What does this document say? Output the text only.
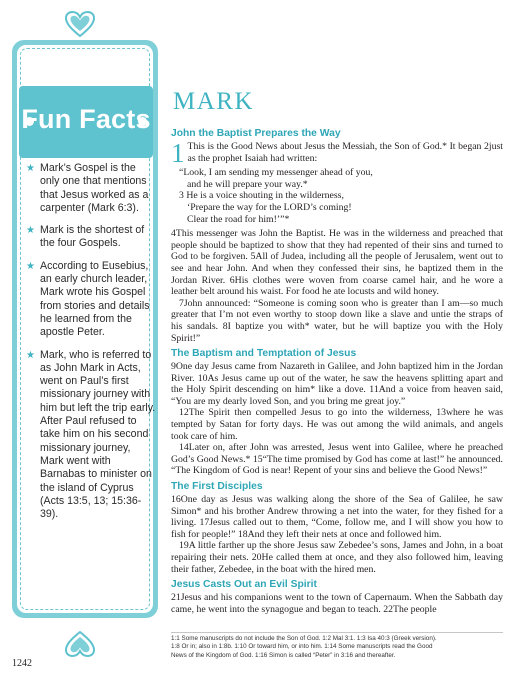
Fun Facts
★ Mark’s Gospel is the only one that mentions that Jesus worked as a carpenter (Mark 6:3).
★ Mark is the shortest of the four Gospels.
★ According to Eusebius, an early church leader, Mark wrote his Gospel from stories and details he learned from the apostle Peter.
★ Mark, who is referred to as John Mark in Acts, went on Paul’s first missionary journey with him but left the trip early. After Paul refused to take him on his second missionary journey, Mark went with Barnabas to minister on the island of Cyprus (Acts 13:5, 13; 15:36-39).
MARK
John the Baptist Prepares the Way

1 This is the Good News about Jesus the Messiah, the Son of God.* It began 2just as the prophet Isaiah had written:

“Look, I am sending my messenger ahead of you,
and he will prepare your way.*
3 He is a voice shouting in the wilderness,
‘Prepare the way for the LORD’s coming!
Clear the road for him!’”*

4This messenger was John the Baptist. He was in the wilderness and preached that people should be baptized to show that they had repented of their sins and turned to God to be forgiven. 5All of Judea, including all the people of Jerusalem, went out to see and hear John. And when they confessed their sins, he baptized them in the Jordan River. 6His clothes were woven from coarse camel hair, and he wore a leather belt around his waist. For food he ate locusts and wild honey.

7John announced: “Someone is coming soon who is greater than I am—so much greater that I’m not even worthy to stoop down like a slave and untie the straps of his sandals. 8I baptize you with* water, but he will baptize you with the Holy Spirit!”

The Baptism and Temptation of Jesus

9One day Jesus came from Nazareth in Galilee, and John baptized him in the Jordan River. 10As Jesus came up out of the water, he saw the heavens splitting apart and the Holy Spirit descending on him* like a dove. 11And a voice from heaven said, “You are my dearly loved Son, and you bring me great joy.”

12The Spirit then compelled Jesus to go into the wilderness, 13where he was tempted by Satan for forty days. He was out among the wild animals, and angels took care of him.

14Later on, after John was arrested, Jesus went into Galilee, where he preached God’s Good News.* 15“The time promised by God has come at last!” he announced. “The Kingdom of God is near! Repent of your sins and believe the Good News!”

The First Disciples

16One day as Jesus was walking along the shore of the Sea of Galilee, he saw Simon* and his brother Andrew throwing a net into the water, for they fished for a living. 17Jesus called out to them, “Come, follow me, and I will show you how to fish for people!” 18And they left their nets at once and followed him.

19A little farther up the shore Jesus saw Zebedee’s sons, James and John, in a boat repairing their nets. 20He called them at once, and they also followed him, leaving their father, Zebedee, in the boat with the hired men.

Jesus Casts Out an Evil Spirit

21Jesus and his companions went to the town of Capernaum. When the Sabbath day came, he went into the synagogue and began to teach. 22The people

1:1 Some manuscripts do not include the Son of God. 1:2 Mal 3:1. 1:3 Isa 40:3 (Greek version).
1:8 Or in; also in 1:8b. 1:10 Or toward him, or into him. 1:14 Some manuscripts read the Good
News of the Kingdom of God. 1:16 Simon is called “Peter” in 3:16 and thereafter.
1242
